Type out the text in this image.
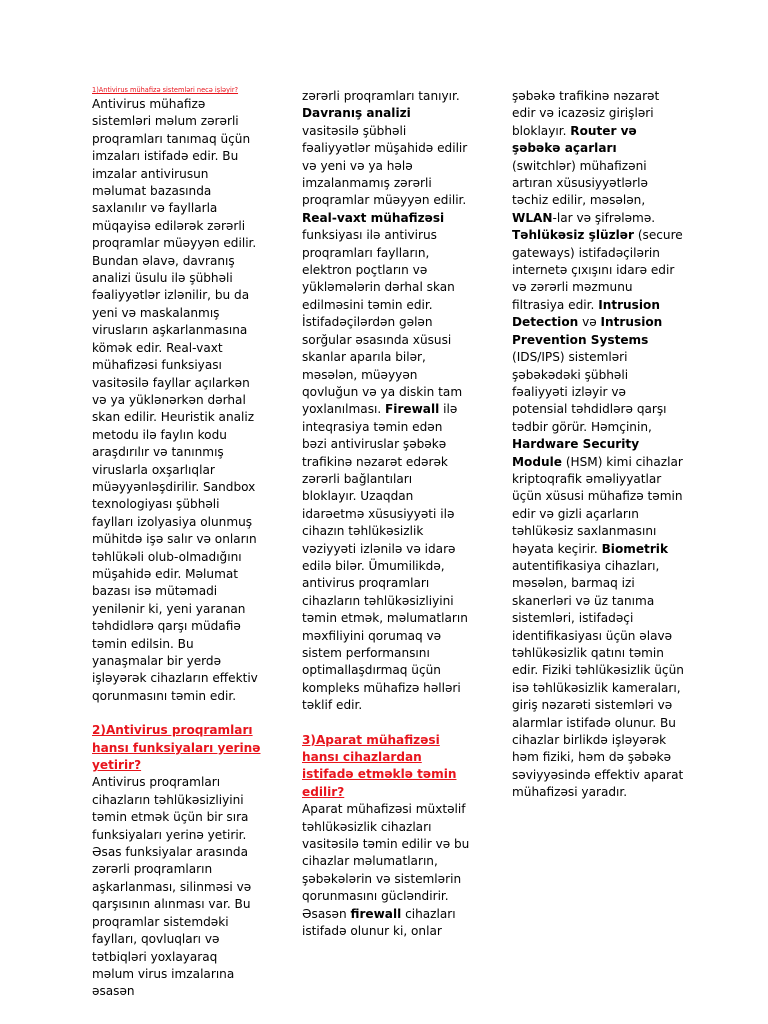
1)Antivirus mühafizə sistemləri necə işləyir?

Antivirus mühafizə sistemləri məlum zərərli proqramları tanımaq üçün imzaları istifadə edir. Bu imzalar antivirusun məlumat bazasında saxlanılır və fayllarla müqayisə edilərək zərərli proqramlar müəyyən edilir. Bundan əlavə, davranış analizi üsulu ilə şübhəli fəaliyyətlər izlənilir, bu da yeni və maskalanmış virusların aşkarlanmasına kömək edir. Real-vaxt mühafizəsi funksiyası vasitəsilə fayllar açılarkən və ya yüklənərkən dərhal skan edilir. Heuristik analiz metodu ilə faylın kodu araşdırılır və tanınmış viruslarla oxşarlıqlar müəyyənləşdirilir. Sandbox texnologiyası şübhəli faylları izolyasiya olunmuş mühitdə işə salır və onların təhlükəli olub-olmadığını müşahidə edir. Məlumat bazası isə mütəmadi yenilənir ki, yeni yaranan təhdidlərə qarşı müdafiə təmin edilsin. Bu yanaşmalar bir yerdə işləyərək cihazların effektiv qorunmasını təmin edir.

2)Antivirus proqramları hansı funksiyaları yerinə yetirir?

Antivirus proqramları cihazların təhlükəsizliyini təmin etmək üçün bir sıra funksiyaları yerinə yetirir. Əsas funksiyalar arasında zərərli proqramların aşkarlanması, silinməsi və qarşısının alınması var. Bu proqramlar sistemdəki faylları, qovluqları və tətbiqləri yoxlayaraq məlum virus imzalarına əsasən

zərərli proqramları tanıyır. Davranış analizi vasitəsilə şübhəli fəaliyyətlər müşahidə edilir və yeni və ya hələ imzalanmamış zərərli proqramlar müəyyən edilir.

Real-vaxt mühafizəsi funksiyası ilə antivirus proqramları faylların, elektron poçtların və yükləmələrin dərhal skan edilməsini təmin edir. İstifadəçilərdən gələn sorğular əsasında xüsusi skanlar aparıla bilər, məsələn, müəyyən qovluğun və ya diskin tam yoxlanılması. Firewall ilə inteqrasiya təmin edən bəzi antiviruslar şəbəkə trafikinə nəzarət edərək zərərli bağlantıları bloklayır. Uzaqdan idarəetmə xüsusiyyəti ilə cihazın təhlükəsizlik vəziyyəti izlənilə və idarə edilə bilər. Ümumilikdə, antivirus proqramları cihazların təhlükəsizliyini təmin etmək, məlumatların məxfiliyini qorumaq və sistem performansını optimallaşdırmaq üçün kompleks mühafizə həlləri təklif edir.

3)Aparat mühafizəsi hansı cihazlardan istifadə etməklə təmin edilir?

Aparat mühafizəsi müxtəlif təhlükəsizlik cihazları vasitəsilə təmin edilir və bu cihazlar məlumatların, şəbəkələrin və sistemlərin qorunmasını gücləndirir. Əsasən firewall cihazları istifadə olunur ki, onlar

şəbəkə trafikinə nəzarət edir və icazəsiz girişləri bloklayır. Router və şəbəkə açarları (switchlər) mühafizəni artıran xüsusiyyətlərlə təchiz edilir, məsələn, WLAN-lar və şifrələmə.

Təhlükəsiz şlüzlər (secure gateways) istifadəçilərin internetə çıxışını idarə edir və zərərli məzmunu filtrasiya edir. Intrusion Detection və Intrusion Prevention Systems (IDS/IPS) sistemləri şəbəkədəki şübhəli fəaliyyəti izləyir və potensial təhdidlərə qarşı tədbir görür. Həmçinin, Hardware Security Module (HSM) kimi cihazlar kriptoqrafik əməliyyatlar üçün xüsusi mühafizə təmin edir və gizli açarların təhlükəsiz saxlanmasını həyata keçirir. Biometrik autentifikasiya cihazları, məsələn, barmaq izi skanerləri və üz tanıma sistemləri, istifadəçi identifikasiyası üçün əlavə təhlükəsizlik qatını təmin edir. Fiziki təhlükəsizlik üçün isə təhlükəsizlik kameraları, giriş nəzarəti sistemləri və alarmlar istifadə olunur. Bu cihazlar birlikdə işləyərək həm fiziki, həm də şəbəkə səviyyəsində effektiv aparat mühafizəsi yaradır.
